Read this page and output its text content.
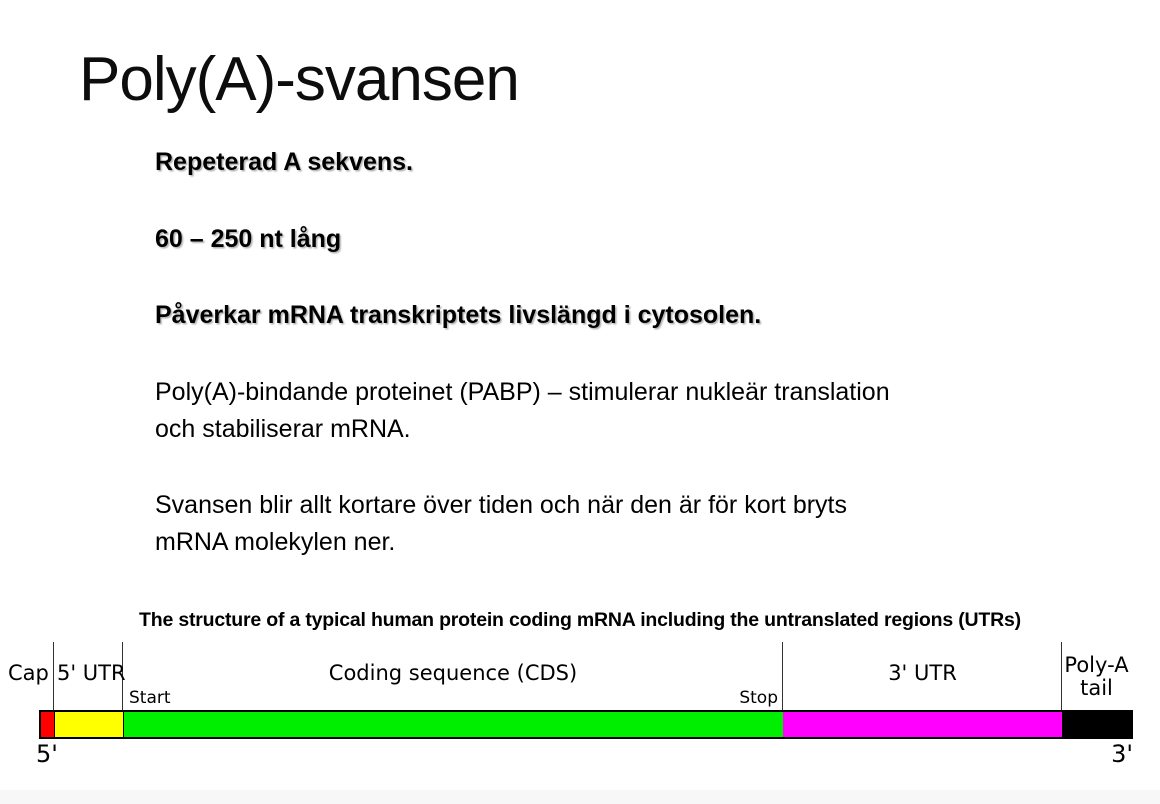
Poly(A)-svansen
Repeterad A sekvens.
60 – 250 nt lång
Påverkar mRNA transkriptets livslängd i cytosolen.
Poly(A)-bindande proteinet (PABP) – stimulerar nukleär translation
och stabiliserar mRNA.
Svansen blir allt kortare över tiden och när den är för kort bryts
mRNA molekylen ner.
The structure of a typical human protein coding mRNA including the untranslated regions (UTRs)
Cap 5' UTR	Coding sequence (CDS)	3' UTR	Poly-A
tail
Start	Stop
5'	3'
